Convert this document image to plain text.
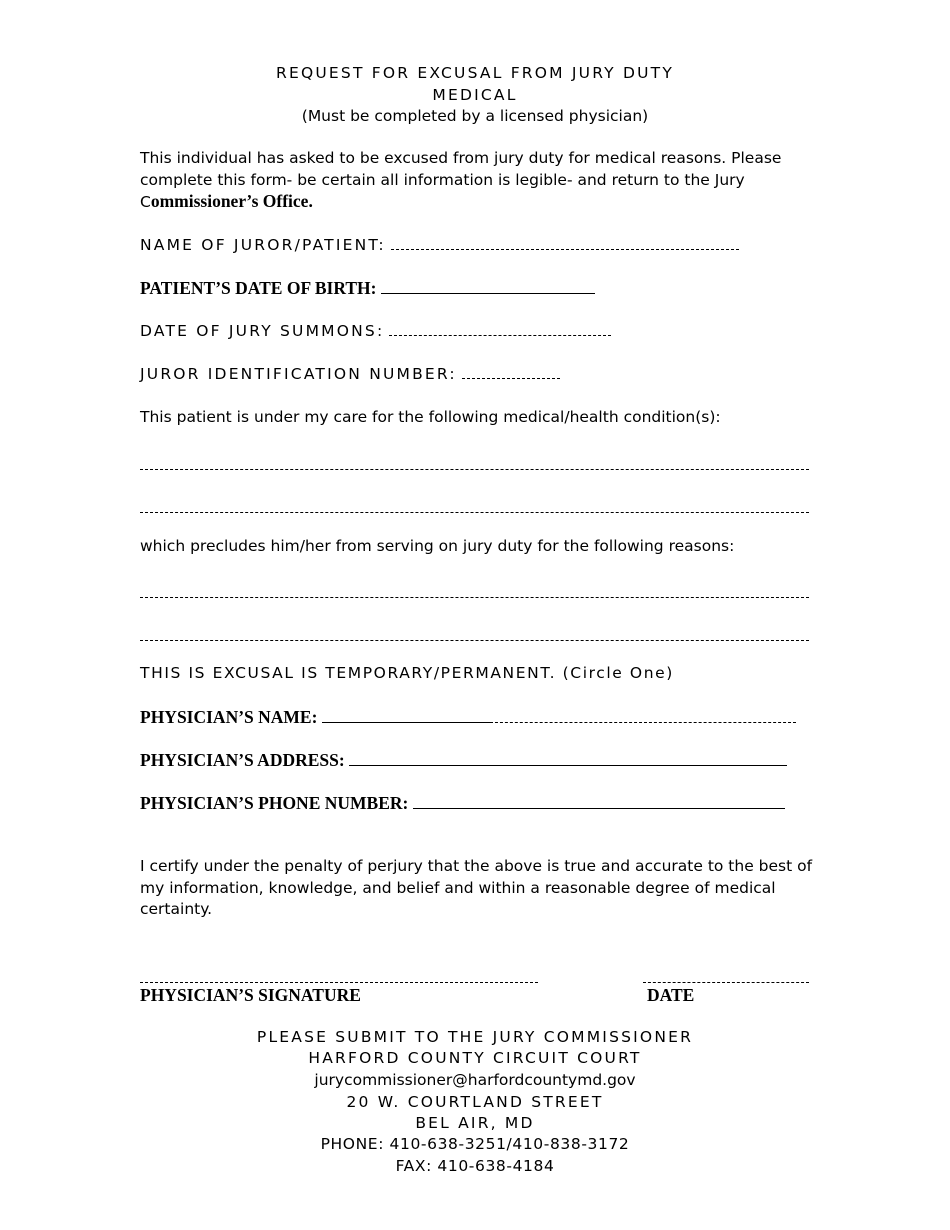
REQUEST FOR EXCUSAL FROM JURY DUTY
MEDICAL
(Must be completed by a licensed physician)
This individual has asked to be excused from jury duty for medical reasons. Please complete this form- be certain all information is legible- and return to the Jury Commissioner’s Office.
NAME OF JUROR/PATIENT:
PATIENT’S DATE OF BIRTH:
DATE OF JURY SUMMONS:
JUROR IDENTIFICATION NUMBER:
This patient is under my care for the following medical/health condition(s):
which precludes him/her from serving on jury duty for the following reasons:
THIS IS EXCUSAL IS TEMPORARY/PERMANENT. (Circle One)
PHYSICIAN’S NAME:
PHYSICIAN’S ADDRESS:
PHYSICIAN’S PHONE NUMBER:
I certify under the penalty of perjury that the above is true and accurate to the best of my information, knowledge, and belief and within a reasonable degree of medical certainty.
PHYSICIAN’S SIGNATURE	DATE
PLEASE SUBMIT TO THE JURY COMMISSIONER
HARFORD COUNTY CIRCUIT COURT
jurycommissioner@harfordcountymd.gov
20 W. COURTLAND STREET
BEL AIR, MD
PHONE: 410-638-3251/410-838-3172
FAX: 410-638-4184
